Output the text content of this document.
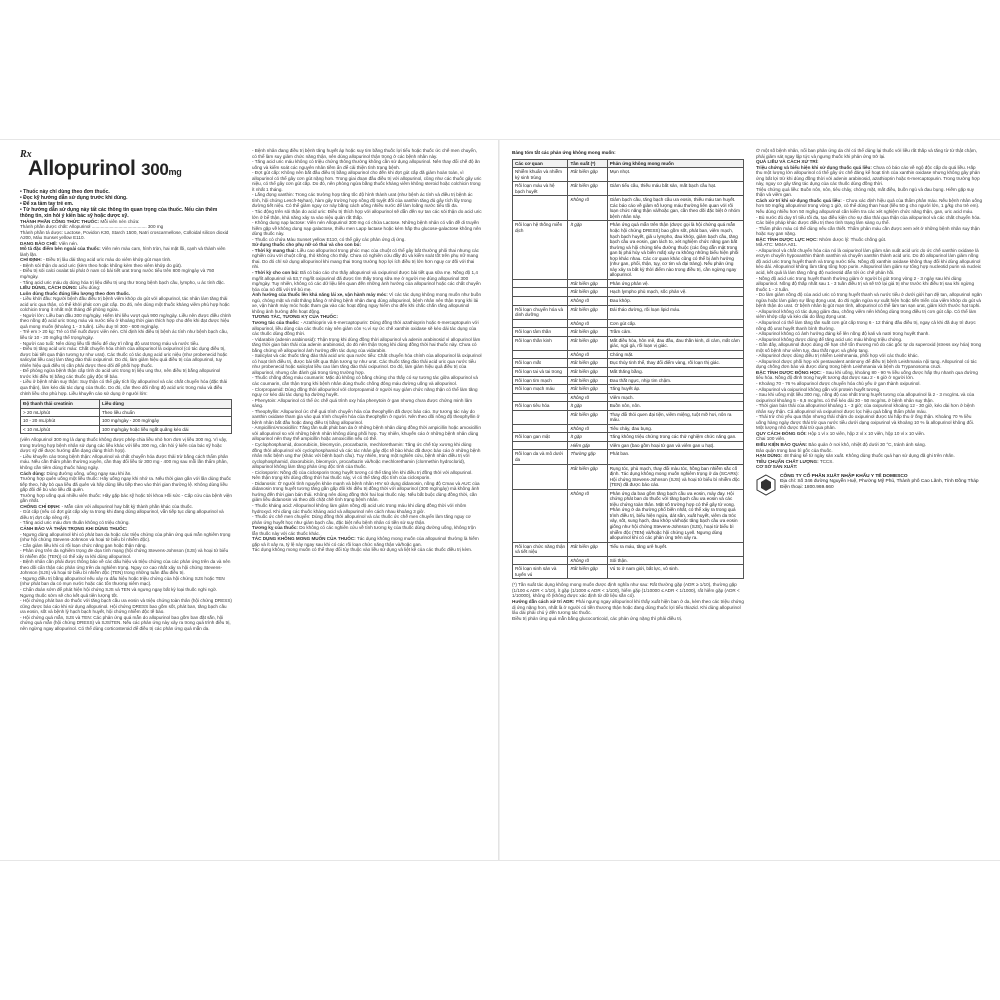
Rx
Allopurinol 300mg
• Thuốc này chỉ dùng theo đơn thuốc.
• Đọc kỹ hướng dẫn sử dụng trước khi dùng.
• Để xa tầm tay trẻ em.
• Từ hướng dẫn sử dụng này tất các thông tin quan trọng của thuốc. Nếu cần thêm thông tin, xin hỏi ý kiến bác sỹ hoặc dược sỹ.

THÀNH PHẦN CÔNG THỨC THUỐC: Mỗi viên nén chứa:

Thành phần dược chất: Allopurinol ........................................... 300 mg

Thành phần tá dược: Lactose, Povidon K30, Starch 1500, Natri croscarmellose, Colloidal silicon dioxid A200, Màu Sunset yellow E110.

DẠNG BÀO CHẾ: Viên nén.

Mô tả đặc điểm bên ngoài của thuốc: Viên nén màu cam, hình tròn, hai mặt lồi, cạnh và thành viên lành lặn.

CHỈ ĐỊNH: - Điều trị lâu dài tăng acid uric máu do viêm khớp gút mạn tính.

- Bệnh sỏi thận do acid uric (kèm theo hoặc không kèm theo viêm khớp do gút).

- Điều trị sỏi calci oxalat tái phát ở nam có bài tiết urat trong nước tiểu trên 800 mg/ngày và 750 mg/ngày.

- Tăng acid uric máu do dùng hóa trị liệu điều trị ung thư trong bệnh bạch cầu, lympho, u ác tính đặc.

LIỀU DÙNG, CÁCH DÙNG: Liều dùng:

Luôn dùng thuốc đúng liều lượng theo đơn thuốc.

- Liều khởi đầu: Người bệnh đầu điều trị bệnh viêm khớp do gút với allopurinol, tác nhân làm tăng thải acid uric qua thận, có thể khởi phát cơn gút cấp. Do đó, nên dùng một thuốc kháng viêm phù hợp hoặc colchicin trong ít nhất một tháng để phòng ngừa.

- Người lớn: Liều ban đầu 300 mg/ngày. Hiếm khi liều vượt quá 900 mg/ngày. Liều nên được điều chỉnh theo nồng độ acid uric trong máu và nước tiểu ở khoảng thời gian thích hợp cho đến khi đạt được hiệu quả mong muốn (khoảng 1 - 3 tuần). Liều duy trì 300 - 600 mg/ngày.

- Trẻ em > 20 kg: Trẻ có thể nuốt được viên nén. Chỉ định khi điều trị bệnh ác tính như bệnh bạch cầu, liều từ 10 - 20 mg/kg thể trọng/ngày.

- Người cao tuổi: Nên dùng liều tối thiểu để duy trì nồng độ urat trong máu và nước tiểu.

- Điều trị tăng acid uric máu: Chất chuyển hóa chính của allopurinol là oxipurinol (có tác dụng điều trị, được bài tiết qua thận tương tự như urat). Các thuốc có tác dụng acid uric niệu (như probenecid hoặc salicylat liều cao) làm tăng đào thải oxipurinol. Do đó, làm giảm hiệu quả điều trị của allopurinol, tuy nhiên hiệu quả điều trị cần phải được theo dõi để phối hợp thuốc.

- Để phòng ngừa bệnh thận cấp tính do acid uric trong trị liệu ung thư, nên điều trị bằng allopurinol trước khi điều trị bằng các thuốc gây độc tế bào.

- Liều ở bệnh nhân suy thận: Suy thận có thể gây tích lũy allopurinol và các chất chuyển hóa (đặc thải qua thận), làm kéo dài tác dụng của thuốc. Do đó, cần theo dõi nồng độ acid uric trong máu và điều chỉnh liều cho phù hợp. Liều khuyến cáo sử dụng ở người lớn:

Độ thanh thải creatinin	Liều dùng
> 20 mL/phút	Theo liều chuẩn
10 - 20 mL/phút	100 mg/ngày - 200 mg/ngày
< 10 mL/phút	100 mg/ngày hoặc liều ngắt quãng kéo dài

(viên Allopurinol 300 mg là dạng thuốc không được phép chia liều nhỏ hơn đơn vị liều 300 mg. Vì vậy, trong trường hợp bệnh nhân sử dụng các liều khác với liều 300 mg, cần hỏi ý kiến của bác sỹ hoặc dược sỹ để được hướng dẫn dạng dùng thích hợp).

- Liều khuyến cáo trong bệnh thận: Allopurinol và chất chuyển hóa được thải trừ bằng cách thẩm phân máu. Nếu cần thẩm phân thường xuyên, cần thay đổi liều từ 300 mg - 400 mg sau mỗi lần thẩm phân, không cần tiêm dùng thuốc hàng ngày.

Cách dùng: Dùng đường uống, uống ngay sau khi ăn.

Trường hợp quên uống một liều thuốc: Hãy uống ngay khi nhớ ra. Nếu thời gian gần với lần dùng thuốc tiếp theo, hãy bỏ qua liều đã quên và hãy dùng liều tiếp theo vào thời gian thường lệ. Không dùng liều gấp đôi để bù vào liều đã quên.

Trường hợp uống quá nhiều viên thuốc: Hãy gặp bác sỹ hoặc tới khoa Hồi sức - Cấp cứu của bệnh viện gần nhất.

CHỐNG CHỈ ĐỊNH: - Mẫn cảm với allopurinol hay bất kỳ thành phần khác của thuốc.

- Gút cấp (nếu có đợt gút cấp xảy ra trong khi đang dùng allopurinol, vẫn tiếp tục dùng allopurinol và điều trị đợt cấp riêng rẽ).

- Tăng acid uric máu đơn thuần không có triệu chứng.

CẢNH BÁO VÀ THẬN TRỌNG KHI DÙNG THUỐC:

- Ngưng dùng allopurinol khi có phát ban da hoặc các triệu chứng của phản ứng quá mẫn nghiêm trọng (như hội chứng Stevens-Johnson và hoại tử biểu bì nhiễm độc).

- Cần giảm liều khi có rối loạn chức năng gan hoặc thận nặng.

- Phản ứng trên da nghiêm trọng đe dọa tính mạng (hội chứng Stevens-Johnson (SJS) và hoại tử biểu bì nhiễm độc (TEN)) có thể xảy ra khi dùng allopurinol.

- Bệnh nhân cần phải được thông báo về các dấu hiệu và triệu chứng của các phản ứng trên da và nên theo dõi cẩn thận các phản ứng trên da nghiêm trọng. Nguy cơ cao nhất xảy ra hội chứng Stevens-Johnson (SJS) và hoại tử biểu bì nhiễm độc (TEN) trong những tuần đầu điều trị.

- Ngưng điều trị bằng allopurinol nếu xảy ra dấu hiệu hoặc triệu chứng của hội chứng SJS hoặc TEN (như phát ban da có mụn nước hoặc các tổn thương niêm mạc).

- Chẩn đoán sớm để phát hiện hội chứng SJS và TEN và ngưng ngay bất kỳ loại thuốc nghi ngờ. Ngưng thuốc sớm sẽ cho kết quả tiên lượng tốt.

- Hội chứng phát ban do thuốc với tăng bạch cầu ưa eosin và triệu chứng toàn thân (hội chứng DRESS) cũng được báo cáo khi sử dụng allopurinol. Hội chứng DRESS bao gồm sốt, phát ban, tăng bạch cầu ưa eosin, sốt và bệnh lý hạch bạch huyết, hội chứng nhiễm độc tế bào.

- Hội chứng quá mẫn, SJS và TEN: Các phản ứng quá mẫn do allopurinol bao gồm ban đặt sẵn, hội chứng quá mẫn (hội chứng DRESS) và SJS/TEN. Nếu các phản ứng này xảy ra trong quá trình điều trị, nên ngừng ngay allopurinol. Có thể dùng corticosteroid để điều trị các phản ứng quá mẫn da.

- Bệnh nhân đang điều trị bệnh tăng huyết áp hoặc suy tim bằng thuốc lợi tiểu hoặc thuốc ức chế men chuyển, có thể làm suy giảm chức năng thận, nên dùng allopurinol thận trọng ở các bệnh nhân này.

- Tăng acid uric máu không có triệu chứng thông thường không cần sử dụng allopurinol. Nên thay đổi chế độ ăn uống và kiểm soát các nguyên nhân tiềm ẩn để cải thiện tình trạng bệnh.

- Đợt gút cấp: Không nên bắt đầu điều trị bằng allopurinol cho đến khi đợt gút cấp đã giảm hoàn toàn, vì allopurinol có thể gây cơn gút nặng hơn. Trong giai đoạn đầu điều trị với allopurinol, cũng như các thuốc gây uric niệu, có thể gây cơn gút cấp. Do đó, nên phòng ngừa bằng thuốc kháng viêm không steroid hoặc colchicin trong ít nhất 1 tháng.

- Lắng đọng xanthin: Trong các trường hợp tăng tốc độ hình thành urat (như bệnh ác tính và điều trị bệnh ác tính, hội chứng Lesch-Nyhan), hàm gây trường hợp nồng độ tuyệt đối của xanthin tăng đủ gây tích lũy trong đường tiết niệu. Có thể giảm nguy cơ này bằng cách uống nhiều nước để làm loãng nước tiểu tối đa.

- Tác động trên sỏi thận do acid uric: Điều trị thích hợp với allopurinol sẽ dẫn đến sự tan các sỏi thận do acid uric lớn ở bể thận, khả năng xảy ra vào niệu quản rất thấp.

- Không dung nạp lactose: Viên nén Allopurinol 300 mg có chứa Lactose. Những bệnh nhân có vấn đề di truyền hiếm gặp về không dung nạp galactose, thiếu men Lapp lactase hoặc kém hấp thu glucose-galactose không nên dùng thuốc này.

- Thuốc có chứa Màu Sunset yellow E110, có thể gây các phản ứng dị ứng.

Sử dụng thuốc cho phụ nữ có thai và cho con bú:

- Thời kỳ mang thai: Liều cao allopurinol trong phúc mạc của chuột có thể gây bất thường phôi thai nhưng các nghiên cứu với chuột cống, thỏ không cho thấy. Chưa có nghiên cứu đầy đủ và kiểm soát tốt trên phụ nữ mang thai. Do đó chỉ sử dụng allopurinol khi mang thai trong trường hợp lợi ích điều trị lớn hơn nguy cơ đối với thai nhi.

- Thời kỳ cho con bú: Đã có báo cáo cho thấy allopurinol và oxipurinol được bài tiết qua sữa mẹ. Nồng độ 1,4 mg/lít allopurinol và 53,7 mg/lít oxipurinol đã được tìm thấy trong sữa mẹ ở người mẹ dùng allopurinol 300 mg/ngày. Tuy nhiên, không có các dữ liệu liên quan đến những ảnh hưởng của allopurinol hoặc các chất chuyển hóa của nó đối với trẻ bú mẹ.

Ảnh hưởng của thuốc lên khả năng lái xe, vận hành máy móc: Vì các tác dụng không mong muốn như buồn ngủ, chóng mặt và mất thăng bằng ở những bệnh nhân đang dùng allopurinol, bệnh nhân nên thận trọng khi lái xe, vận hành máy móc hoặc tham gia vào các hoạt động nguy hiểm cho đến khi chắc chắn rằng allopurinol không ảnh hưởng đến hoạt động.

TƯƠNG TÁC, TƯƠNG KỴ CỦA THUỐC:

Tương tác của thuốc: - Azathioprin và 6-mercaptopurin: Dùng đồng thời azathioprin hoặc 6-mercaptopurin với allopurinol, liều dùng của các thuốc này nên giảm còn ¼ vì sự ức chế xanthin oxidase sẽ kéo dài tác dụng của các thuốc dùng đồng thời.

- Vidarabin (adenin arabinosid): Thận trọng khi dùng đồng thời allopurinol và adenin arabinosid vì allopurinol làm tăng thời gian bán thải của adenin arabinosid, do đó nên thận trọng khi dùng đồng thời hai thuốc này. Chưa có bằng chứng về allopurinol ảnh hưởng đến tác dụng của vidarabin.

- Salicylat và các thuốc tăng đào thải acid uric qua nước tiểu: Chất chuyển hóa chính của allopurinol là oxipurinol có hoạt tính điều trị, được bài tiết qua thận tương tự như urat. Các thuốc tăng đào thải acid uric qua nước tiểu như probenecid hoặc salicylat liều cao làm tăng đào thải oxipurinol. Do đó, làm giảm hiệu quả điều trị của allopurinol, nhưng cần đánh giá trong từng trường hợp.

- Thuốc chống đông máu coumarin: Mặc dù không có bằng chứng cho thấy có sự tương tác giữa allopurinol và các coumarin, cần thận trọng khi bệnh nhân dùng thuốc chống đông máu đường uống và allopurinol.

- Clorpropamid: Dùng đồng thời allopurinol với clorpropamid ở người suy giảm chức năng thận có thể làm tăng nguy cơ kéo dài tác dụng hạ đường huyết.

- Phenytoin: Allopurinol có thể ức chế quá trình oxy hóa phenytoin ở gan nhưng chưa được chứng minh lâm sàng.

- Theophyllin: Allopurinol ức chế quá trình chuyển hóa của theophyllin đã được báo cáo. Sự tương tác này do xanthin oxidase tham gia vào quá trình chuyển hóa của theophyllin ở người. Nên theo dõi nồng độ theophyllin ở bệnh nhân bắt đầu hoặc đang điều trị bằng allopurinol.

- Ampicillin/Amoxicillin: Tăng tần suất phát ban da ở những bệnh nhân dùng đồng thời ampicillin hoặc amoxicillin với allopurinol so với những bệnh nhân không dùng phối hợp. Tuy nhiên, khuyến cáo ở những bệnh nhân dùng allopurinol nên thay thế ampicillin hoặc amoxicillin nếu có thể.

- Cyclophosphamid, doxorubicin, bleomycin, procarbazin, mechlorethamin: Tăng ức chế tủy xương khi dùng đồng thời allopurinol với cyclophosphamid và các tác nhân gây độc tế bào khác đã được báo cáo ở những bệnh nhân mắc bệnh ung thư (khác với bệnh bạch cầu). Tuy nhiên, trong một nghiên cứu, bệnh nhân điều trị với cyclophosphamid, doxorubicin, bleomycin, procarbazin và/hoặc mechlorethamin (clormethin hydroclorid), allopurinol không làm tăng phản ứng độc tính của thuốc.

- Ciclosporin: Nồng độ của ciclosporin trong huyết tương có thể tăng lên khi điều trị đồng thời với allopurinol. Nên thận trọng khi dùng đồng thời hai thuốc này, vì có thể tăng độc tính của ciclosporin.

- Didanosin: Ở người tình nguyện khỏe mạnh và bệnh nhân HIV sử dụng didanosin, nồng độ Cmax và AUC của didanosin trong huyết tương tăng gần gấp đôi khi điều trị đồng thời với allopurinol (300 mg/ngày) mà không ảnh hưởng đến thời gian bán thải. Không nên dùng đồng thời hai loại thuốc này. Nếu bắt buộc dùng đồng thời, cần giảm liều didanosin và theo dõi chặt chẽ tình trạng bệnh nhân.

- Thuốc kháng acid: Allopurinol không làm giảm nồng độ acid uric trong máu khi dùng đồng thời với nhôm hydroxyd. Khi dùng các thuốc kháng acid và allopurinol nên cách nhau khoảng 3 giờ.

- Thuốc ức chế men chuyển: Dùng đồng thời allopurinol và các thuốc ức chế men chuyển làm tăng nguy cơ phản ứng huyết học như giảm bạch cầu, đặc biệt nếu bệnh nhân có tiền sử suy thận.

Tương kỵ của thuốc: Do không có các nghiên cứu về tính tương kỵ của thuốc dùng đường uống, không trộn lẫn thuốc này với các thuốc khác.

TÁC DỤNG KHÔNG MONG MUỐN CỦA THUỐC: Tác dụng không mong muốn của allopurinol thường là hiếm gặp và ít xảy ra, tỷ lệ này ngay sau khi có các rối loạn chức năng thận và/hoặc gan.

Tác dụng không mong muốn có thể thay đổi tùy thuộc vào liều sử dụng và liệt kê của các thuốc điều trị kèm.

Bảng tóm tắt các phản ứng không mong muốn:
Các cơ quan	Tần suất (*)	Phản ứng không mong muốn
Nhiễm khuẩn và nhiễm ký sinh trùng	Rất hiếm gặp	Mụn nhọt.
Rối loạn máu và hệ bạch huyết	Rất hiếm gặp	Giảm tiểu cầu, thiếu máu bất sản, mất bạch cầu hạt.
	Không rõ	Giảm bạch cầu, tăng bạch cầu ưa eosin, thiếu máu tan huyết. Các báo cáo về giảm số lượng máu thường liên quan với rối loạn chức năng thận và/hoặc gan, cần theo dõi đặc biệt ở nhóm bệnh nhân này.
Rối loạn hệ thống miễn dịch	Ít gặp	Phản ứng quá mẫn trên thận (được gọi là hội chứng quá mẫn hoặc hội chứng DRESS) bao gồm sốt, phát ban, viêm mạch, hạch bạch huyết, giả u lympho, đau khớp, giảm bạch cầu, tăng bạch cầu ưa eosin, gan lách to, xét nghiệm chức năng gan bất thường và hội chứng tiêu đường thuộc (các ống dẫn mật trong gan bị phá hủy và biến mất) xảy ra không những biểu hiện phối hợp khác nhau. Các cơ quan khác cũng có thể bị ảnh hưởng (như gan, phổi, thận, tụy, cơ tim và đại tràng). Nếu phản ứng này xảy ra bất kỳ thời điểm nào trong điều trị, cần ngừng ngay allopurinol.
	Rất hiếm gặp	Phản ứng phản vệ.
	Rất hiếm gặp	Hạch lympho phù mạch, sốc phản vệ.
	Không rõ	Đau khớp.
Rối loạn chuyển hóa và dinh dưỡng	Rất hiếm gặp	Đái tháo đường, rối loạn lipid máu.
	Không rõ	Cơn gút cấp.
Rối loạn tâm thần	Rất hiếm gặp	Trầm cảm.
Rối loạn thần kinh	Rất hiếm gặp	Mất điều hòa, hôn mê, đau đầu, đau thần kinh, di cảm, mất cảm giác, ngủ gà, rối loạn vị giác.
	Không rõ	Chóng mặt.
Rối loạn mắt	Rất hiếm gặp	Đục thủy tinh thể, thay đổi điểm vàng, rối loạn thị giác.
Rối loạn tai và tai trong	Rất hiếm gặp	Mất thăng bằng.
Rối loạn tim mạch	Rất hiếm gặp	Đau thắt ngực, nhịp tim chậm.
Rối loạn mạch máu	Rất hiếm gặp	Tăng huyết áp.
	Không rõ	Viêm mạch.
Rối loạn tiêu hóa	Ít gặp	Buồn nôn, nôn.
	Rất hiếm gặp	Thay đổi thói quen đại tiện, viêm miệng, tuột mỡ hơi, nôn ra máu.
	Không rõ	Tiêu chảy, đau bụng.
Rối loạn gan mật	Ít gặp	Tăng không triệu chứng trong các thử nghiệm chức năng gan.
	Hiếm gặp	Viêm gan (bao gồm hoại tử gan và viêm gan u hạt).
Rối loạn da và mô dưới da	Thường gặp	Phát ban.
	Rất hiếm gặp	Rụng tóc, phù mạch, thay đổi màu tóc, hồng ban nhiễm sắc cố định. Tác dụng không mong muốn nghiêm trọng ở da (SCARs): Hội chứng Stevens-Johnson (SJS) và hoại tử biểu bì nhiễm độc (TEN) đã được báo cáo.
	Không rõ	Phản ứng da bao gồm tăng bạch cầu ưa eosin, mày đay. Hội chứng phát ban do thuốc với tăng bạch cầu ưa eosin và các triệu chứng toàn thân. Mặt số trường hợp có thể gây tử vong. Phản ứng ở da thường phổ biến nhất, có thể xảy ra trong quá trình điều trị, biểu hiện ngứa, dát sần, xuất huyết, viêm da tróc vảy, sốt, sung hạch, đau khớp và/hoặc tăng bạch cầu ưa eosin giống như hội chứng Stevens-Johnson (SJS), hoại tử biểu bì nhiễm độc (TEN) và/hoặc hội chứng Lyell. Ngưng dùng allopurinol khi có các phản ứng trên xảy ra.
Rối loạn chức năng thận và tiết niệu	Rất hiếm gặp	Tiểu ra máu, tăng urê huyết.
	Không rõ	Sỏi thận.
Rối loạn sinh sản và tuyến vú	Rất hiếm gặp	Vú to ở nam giới, bất lực, vô sinh.

(*) Tần suất tác dụng không mong muốn được định nghĩa như sau: Rất thường gặp (ADR ≥ 1/10), thường gặp (1/100 ≤ ADR < 1/10), ít gặp (1/1000 ≤ ADR < 1/100), hiếm gặp (1/10000 ≤ ADR < 1/1000), rất hiếm gặp (ADR < 1/10000), không rõ (không được xác định từ dữ liệu sẵn có).

Hướng dẫn cách xử trí ADR: Phải ngưng ngay allopurinol khi thấy xuất hiện ban ở da, kèm theo các triệu chứng dị ứng nặng hơn, nhất là ở người có tiền thương thận hoặc đang dùng thuốc lợi tiểu thiazid. Khi dùng allopurinol lâu dài phải chú ý đến tương tác thuốc.

Điều trị phản ứng quá mẫn bằng glucocorticoid, các phản ứng nặng thì phải điều trị.

Ở một số bệnh nhân, nổi ban phản ứng da chỉ có thể dùng lại thuốc với liều rất thấp và tăng từ từ thật chậm, phải giảm sát ngay lập tức và ngưng thuốc khi phản ứng trở lại.

QUÁ LIỀU VÀ CÁCH XỬ TRÍ:

Triệu chứng và biểu hiện khi sử dụng thuốc quá liều: Chưa có báo cáo về ngộ độc cấp do quá liều. Hấp thu một lượng lớn allopurinol có thể gây ức chế đáng kể hoạt tính của xanthin oxidase nhưng không gây phản ứng bất lợi trừ khi dùng đồng thời với adenin arabinosid, azathioprin hoặc 6-mercaptopurin. Trong trường hợp này, nguy cơ gây tăng tác dụng của các thuốc dùng đồng thời.

Triệu chứng quá liều: Buồn nôn, nôn, tiêu chảy, chóng mặt, mất điều, buồn ngủ và đau bụng. Hiếm gặp suy thận và viêm gan.

Cách xử trí khi sử dụng thuốc quá liều: - Chưa xác định hiệu quả của thẩm phân máu. Nếu bệnh nhân uống hơn 50 mg/kg allopurinol trong vòng 1 giờ, có thể dùng than hoạt (liều 50 g cho người lớn, 1 g/kg cho trẻ em). Nếu dùng nhiều hơn 50 mg/kg allopurinol cần kiểm tra các xét nghiệm chức năng thận, gan, uric acid máu.

- Bù nước đủ duy trì tiểu tối đa, tạo điều kiện cho sự đào thải qua thận của allopurinol và các chất chuyển hóa. Các biện pháp khác được điều trị theo tình trạng lâm sàng cụ thể.

- Thẩm phân máu có thể dùng nếu cần thiết. Thẩm phân máu cần được xem xét ở những bệnh nhân suy thận hoặc suy gan nặng.

ĐẶC TÍNH DƯỢC LỰC HỌC: Nhóm dược lý: Thuốc chống gút.

Mã ATC: M04A A01.

- Allopurinol và chất chuyển hóa của nó là oxipurinol làm giảm sản xuất acid uric do ức chế xanthin oxidase là enzym chuyển hypoxanthin thành xanthin và chuyển xanthin thành acid uric. Do đó allopurinol làm giảm nồng độ acid uric trong huyết thanh và trong nước tiểu. Nồng độ xanthin oxidase không thay đổi khi dùng allopurinol kéo dài. Allopurinol không làm tăng tổng hợp purin. Allopurinol làm giảm sự tổng hợp nucleotid purin và nucleic acid, kết quả là làm tăng nồng độ nucleotid dẫn tới ức chế phản hồi.

- Nồng độ acid uric trong huyết thanh thường giảm ở người bị gút trong vòng 2 - 3 ngày sau khi dùng allopurinol. Nồng độ thấp nhất sau 1 - 3 tuần điều trị và sẽ trở lại giá trị như trước khi điều trị sau khi ngừng thuốc 1 - 2 tuần.

- Do làm giảm nồng độ của acid uric có trong huyết thanh và nước tiểu ở dưới giới hạn đệ tan, allopurinol ngăn ngừa hoặc làm giảm sự lắng đọng urat, do đó ngăn ngừa sự xuất hiện hoặc tiến triển của viêm khớp do gút và bệnh thận do urat. Ở bệnh nhân bị gút mạn tính, allopurinol có thể làm tan sạn urat, giảm kích thước hạt tophi.

- Allopurinol không có tác dụng giảm đau, chống viêm nên không dùng trong điều trị cơn gút cấp. Có thể làm viêm khớp cấp và kéo dài do lắng đọng urat.

- Allopurinol có thể làm tăng tần suất cơn gút cấp trong 6 - 12 tháng đầu điều trị, ngay cả khi đã duy trì được nồng độ urat huyết thanh bình thường.

- Allopurinol không có ảnh hưởng đáng kể lên nồng độ kali và natri trong huyết thanh.

- Allopurinol không được dùng để tăng acid uric máu không triệu chứng.

- Gần đây, allopurinol được dùng để hạn chế tổn thương mô do các gốc tự do superoxid (stress oxy hóa) trong một số bệnh như viêm tụy, đau thắt ngực và ghép tạng.

- Allopurinol được dùng điều trị nhiễm Leishmania, phối hợp với các thuốc khác.

- Allopurinol được phối hợp với pentavalent antimony để điều trị bệnh Leishmania nội tạng. Allopurinol có tác dụng chống đơn bào và được dùng trong bệnh Leishmania và bệnh do Trypanosoma cruzi.

ĐẶC TÍNH DƯỢC ĐỘNG HỌC: - Sau khi uống, khoảng 80 - 90 % liều uống được hấp thụ nhanh qua đường tiêu hóa. Nồng độ đỉnh trong huyết tương đạt được sau 2 - 6 giờ ở người lớn.

- Khoảng 70 - 76 % allopurinol được chuyển hóa chủ yếu ở gan thành oxipurinol.

- Allopurinol và oxipurinol không gắn với protein huyết tương.

- Sau khi uống một liều 300 mg, nồng độ cao nhất trong huyết tương của allopurinol là 2 - 3 mcg/mL và của oxipurinol khoảng 5 - 6,5 mcg/mL có thể kéo dài 30 - 50 mcg/mL ở bệnh nhân suy thận.

- Thời gian bán thải của allopurinol khoảng 1 - 3 giờ; của oxipurinol khoảng 12 - 30 giờ, kéo dài hơn ở bệnh nhân suy thận. Cả allopurinol và oxipurinol được lọc hiệu quả bằng thẩm phân máu.

- Thải trừ chủ yếu qua thận nhưng thải chậm do oxipurinol được tái hấp thu ở ống thận. Khoảng 70 % liều uống hàng ngày được thải trừ qua nước tiểu dưới dạng oxipurinol và khoảng 10 % là allopurinol không đổi. Một lượng nhỏ được thải trừ qua phân.

QUY CÁCH ĐÓNG GÓI: Hộp 1 vỉ x 10 viên, hộp 2 vỉ x 10 viên, hộp 10 vỉ x 10 viên.

Chai 100 viên.

ĐIỀU KIỆN BẢO QUẢN: Bảo quản ở nơi khô, nhiệt độ dưới 30 °C, tránh ánh sáng.

Bảo quản trong bao bì gốc của thuốc.

HẠN DÙNG: 48 tháng kể từ ngày sản xuất. Không dùng thuốc quá hạn sử dụng đã ghi trên nhãn.

TIÊU CHUẨN CHẤT LƯỢNG: TCCS.

CƠ SỞ SẢN XUẤT:

CÔNG TY CỔ PHẦN XUẤT NHẬP KHẨU Y TẾ DOMESCO
Địa chỉ: Số 346 đường Nguyễn Huệ, Phường Mỹ Phú, Thành phố Cao Lãnh, Tỉnh Đồng Tháp
Điện thoại: 1800.969.660
